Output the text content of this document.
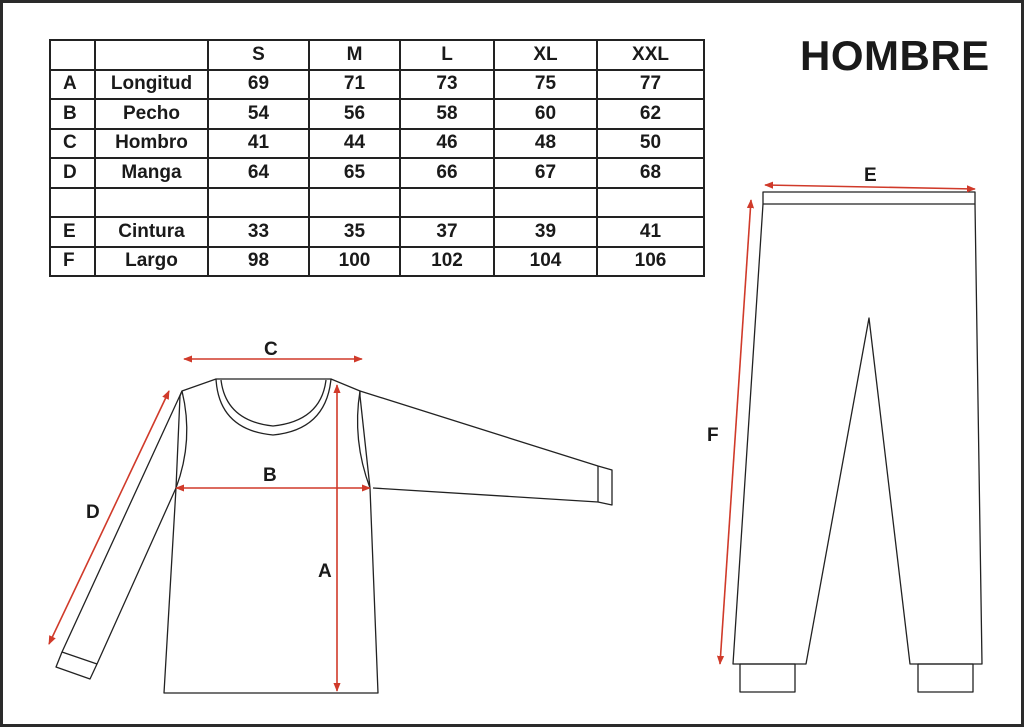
		S	M	L	XL	XXL
A	Longitud	69	71	73	75	77
B	Pecho	54	56	58	60	62
C	Hombro	41	44	46	48	50
D	Manga	64	65	66	67	68

E	Cintura	33	35	37	39	41
F	Largo	98	100	102	104	106
HOMBRE
C
B
A
D
E
F
